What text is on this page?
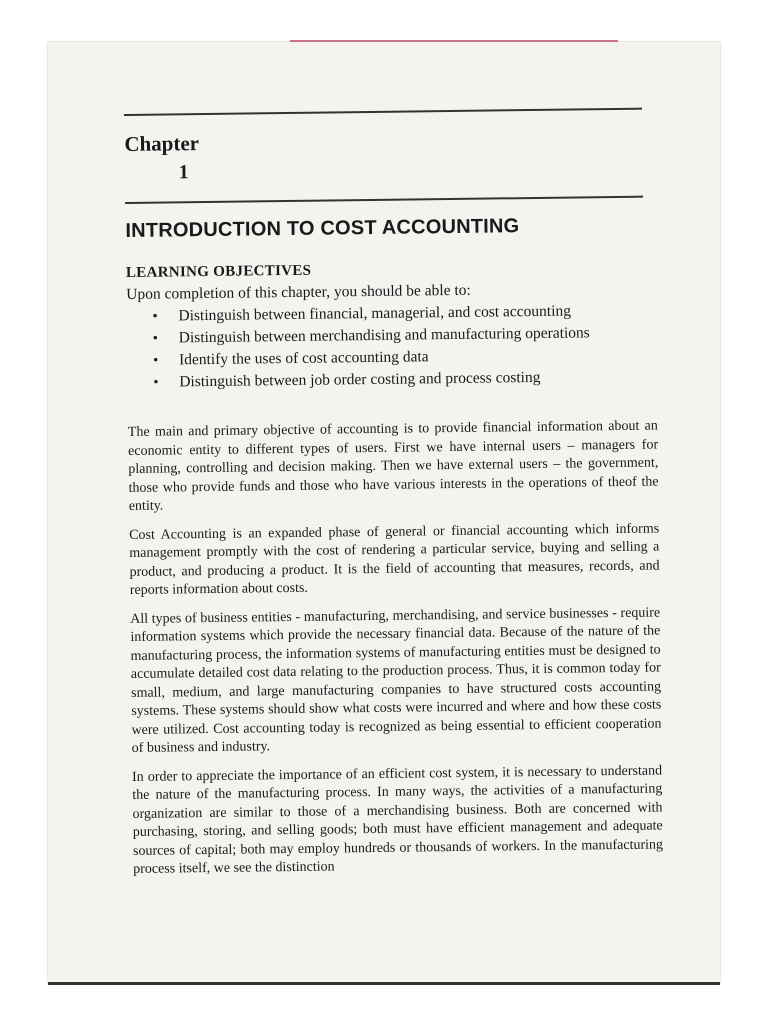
Chapter
1
INTRODUCTION TO COST ACCOUNTING
LEARNING OBJECTIVES
Upon completion of this chapter, you should be able to:
• Distinguish between financial, managerial, and cost accounting
• Distinguish between merchandising and manufacturing operations
• Identify the uses of cost accounting data
• Distinguish between job order costing and process costing

The main and primary objective of accounting is to provide financial information about an economic entity to different types of users. First we have internal users – managers for planning, controlling and decision making. Then we have external users – the government, those who provide funds and those who have various interests in the operations of theof the entity.

Cost Accounting is an expanded phase of general or financial accounting which informs management promptly with the cost of rendering a particular service, buying and selling a product, and producing a product. It is the field of accounting that measures, records, and reports information about costs.

All types of business entities - manufacturing, merchandising, and service businesses - require information systems which provide the necessary financial data. Because of the nature of the manufacturing process, the information systems of manufacturing entities must be designed to accumulate detailed cost data relating to the production process. Thus, it is common today for small, medium, and large manufacturing companies to have structured costs accounting systems. These systems should show what costs were incurred and where and how these costs were utilized. Cost accounting today is recognized as being essential to efficient cooperation of business and industry.

In order to appreciate the importance of an efficient cost system, it is necessary to understand the nature of the manufacturing process. In many ways, the activities of a manufacturing organization are similar to those of a merchandising business. Both are concerned with purchasing, storing, and selling goods; both must have efficient management and adequate sources of capital; both may employ hundreds or thousands of workers. In the manufacturing process itself, we see the distinction
